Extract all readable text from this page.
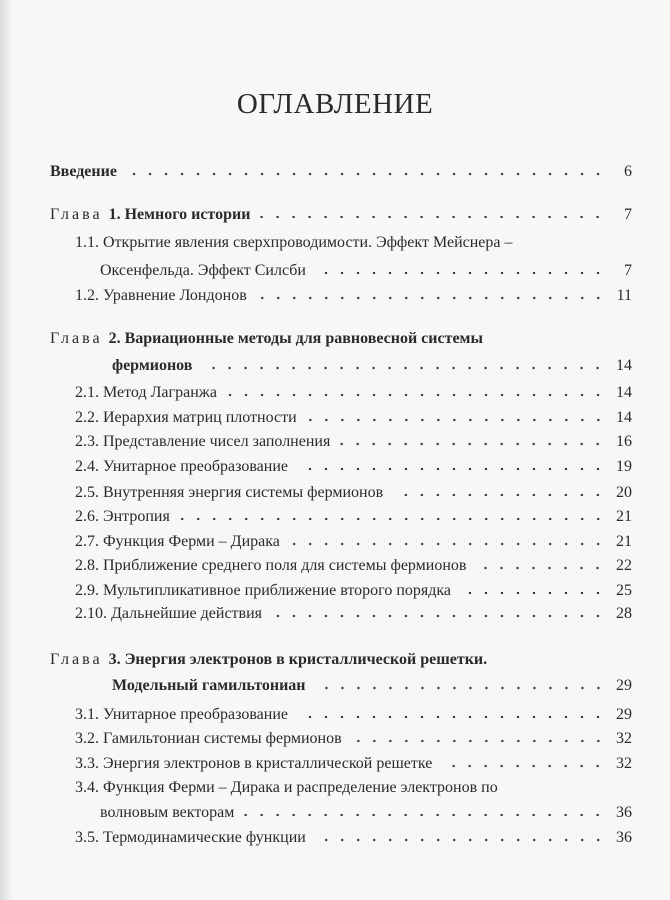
ОГЛАВЛЕНИЕ
Введение	6
Глава 1. Немного истории	7
1.1. Открытие явления сверхпроводимости. Эффект Мейснера –
Оксенфельда. Эффект Силсби	7
1.2. Уравнение Лондонов	11
Глава 2. Вариационные методы для равновесной системы
фермионов	14
2.1. Метод Лагранжа	14
2.2. Иерархия матриц плотности	14
2.3. Представление чисел заполнения	16
2.4. Унитарное преобразование	19
2.5. Внутренняя энергия системы фермионов	20
2.6. Энтропия	21
2.7. Функция Ферми – Дирака	21
2.8. Приближение среднего поля для системы фермионов	22
2.9. Мультипликативное приближение второго порядка	25
2.10. Дальнейшие действия	28
Глава 3. Энергия электронов в кристаллической решетки.
Модельный гамильтониан	29
3.1. Унитарное преобразование	29
3.2. Гамильтониан системы фермионов	32
3.3. Энергия электронов в кристаллической решетке	32
3.4. Функция Ферми – Дирака и распределение электронов по
волновым векторам	36
3.5. Термодинамические функции	36
